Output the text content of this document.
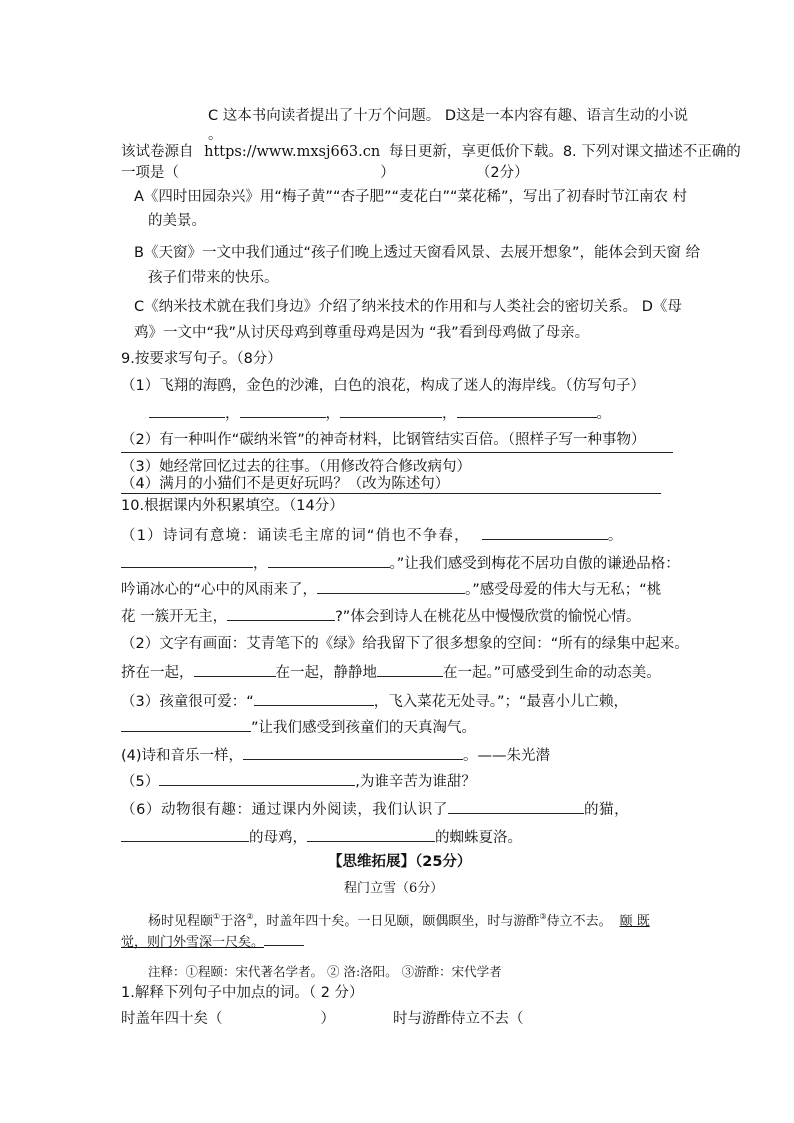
C 这本书向读者提出了十万个问题。 D这是一本内容有趣、语言生动的小说
。
该试卷源自 https://www.mxsj663.cn 每日更新，享更低价下载。8. 下列对课文描述不正确的
一项是（	）	（2分）
A《四时田园杂兴》用“梅子黄”“杏子肥”“麦花白”“菜花稀”，写出了初春时节江南农 村
的美景。
B《天窗》一文中我们通过“孩子们晚上透过天窗看风景、去展开想象”，能体会到天窗 给
孩子们带来的快乐。
C《纳米技术就在我们身边》介绍了纳米技术的作用和与人类社会的密切关系。 D《母
鸡》一文中“我”从讨厌母鸡到尊重母鸡是因为 “我”看到母鸡做了母亲。
9.按要求写句子。（8分）
（1）飞翔的海鸥，金色的沙滩，白色的浪花，构成了迷人的海岸线。（仿写句子）
，	，	，	。
（2）有一种叫作“碳纳米管”的神奇材料，比钢管结实百倍。（照样子写一种事物）
（3）她经常回忆过去的往事。（用修改符合修改病句）
（4）满月的小猫们不是更好玩吗？（改为陈述句）
10.根据课内外积累填空。（14分）
（1）诗词有意境：诵读毛主席的词“俏也不争春，	。
，	。”让我们感受到梅花不居功自傲的谦逊品格：
吟诵冰心的“心中的风雨来了，	。”感受母爱的伟大与无私；“桃
花 一簇开无主，	?”体会到诗人在桃花丛中慢慢欣赏的愉悦心情。
（2）文字有画面：艾青笔下的《绿》给我留下了很多想象的空间：“所有的绿集中起来。
挤在一起，	在一起，静静地	在一起。”可感受到生命的动态美。
（3）孩童很可爱：“	，飞入菜花无处寻。”；“最喜小儿亡赖，
”让我们感受到孩童们的天真淘气。
(4)诗和音乐一样，	。——朱光潜
（5）	,为谁辛苦为谁甜？
（6）动物很有趣：通过课内外阅读，我们认识了	的猫，
的母鸡，	的蜘蛛夏洛。
【思维拓展】（25分）
程门立雪（6分）
杨时见程颐①于洛②，时盖年四十矣。一日见颐，颐偶瞑坐，时与游酢③侍立不去。 颐 既
觉，则门外雪深一尺矣。
注释：①程颐：宋代著名学者。 ② 洛:洛阳。 ③游酢：宋代学者
1.解释下列句子中加点的词。（ 2 分）
时盖年四十矣（	）	时与游酢侍立不去（
